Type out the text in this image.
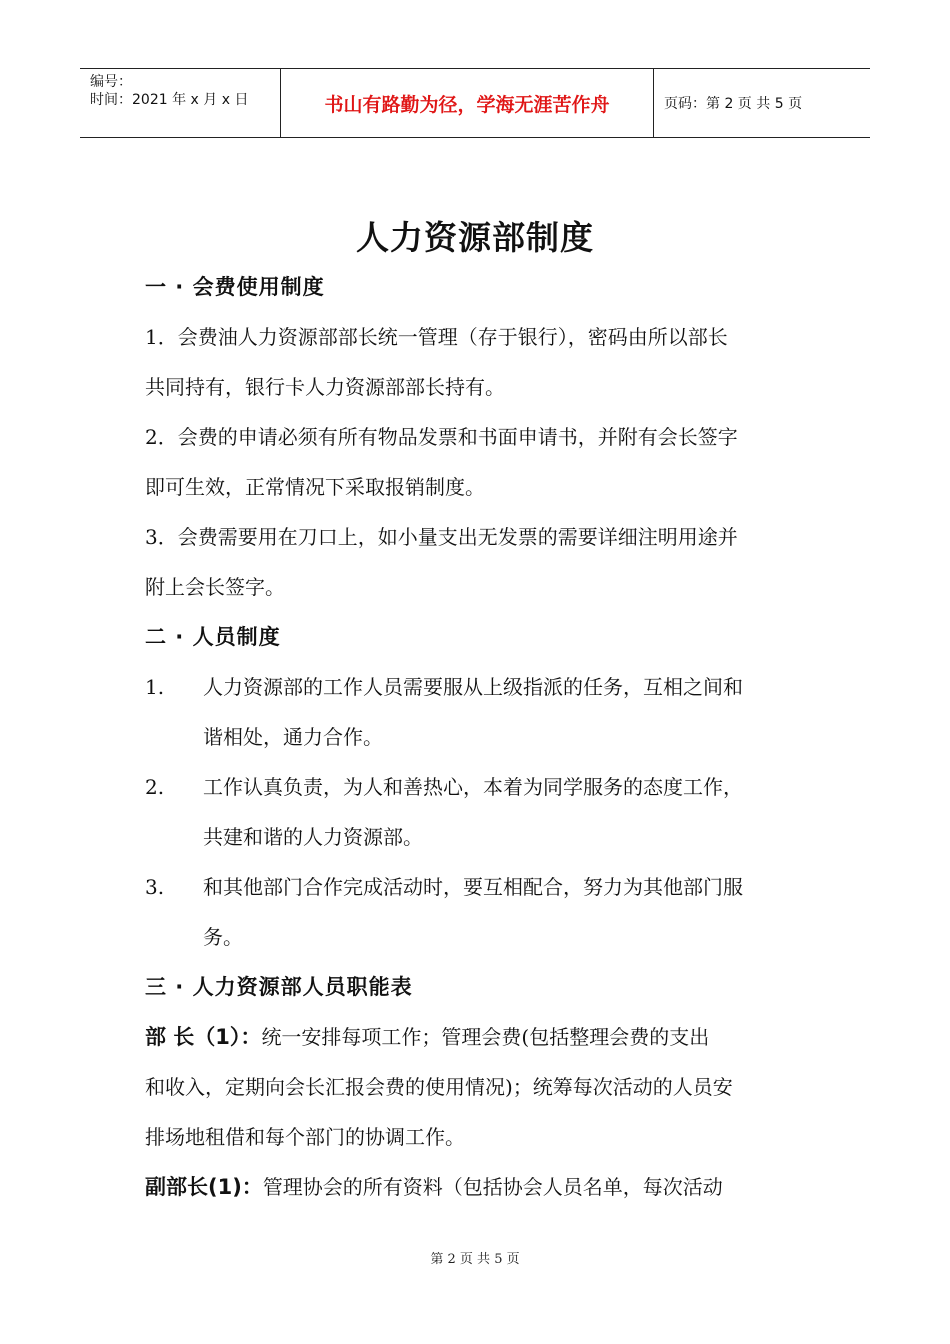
编号：
时间：2021 年 x 月 x 日	书山有路勤为径，学海无涯苦作舟	页码：第 2 页 共 5 页
人力资源部制度
一 · 会费使用制度
1．会费油人力资源部部长统一管理（存于银行），密码由所以部长
共同持有，银行卡人力资源部部长持有。
2．会费的申请必须有所有物品发票和书面申请书，并附有会长签字
即可生效，正常情况下采取报销制度。
3．会费需要用在刀口上，如小量支出无发票的需要详细注明用途并
附上会长签字。
二 · 人员制度
1. 人力资源部的工作人员需要服从上级指派的任务，互相之间和
谐相处，通力合作。
2. 工作认真负责，为人和善热心，本着为同学服务的态度工作，
共建和谐的人力资源部。
3. 和其他部门合作完成活动时，要互相配合，努力为其他部门服
务。
三 · 人力资源部人员职能表
部 长（1）：统一安排每项工作；管理会费(包括整理会费的支出
和收入，定期向会长汇报会费的使用情况)；统筹每次活动的人员安
排场地租借和每个部门的协调工作。
副部长(1)：管理协会的所有资料（包括协会人员名单，每次活动
第 2 页 共 5 页
